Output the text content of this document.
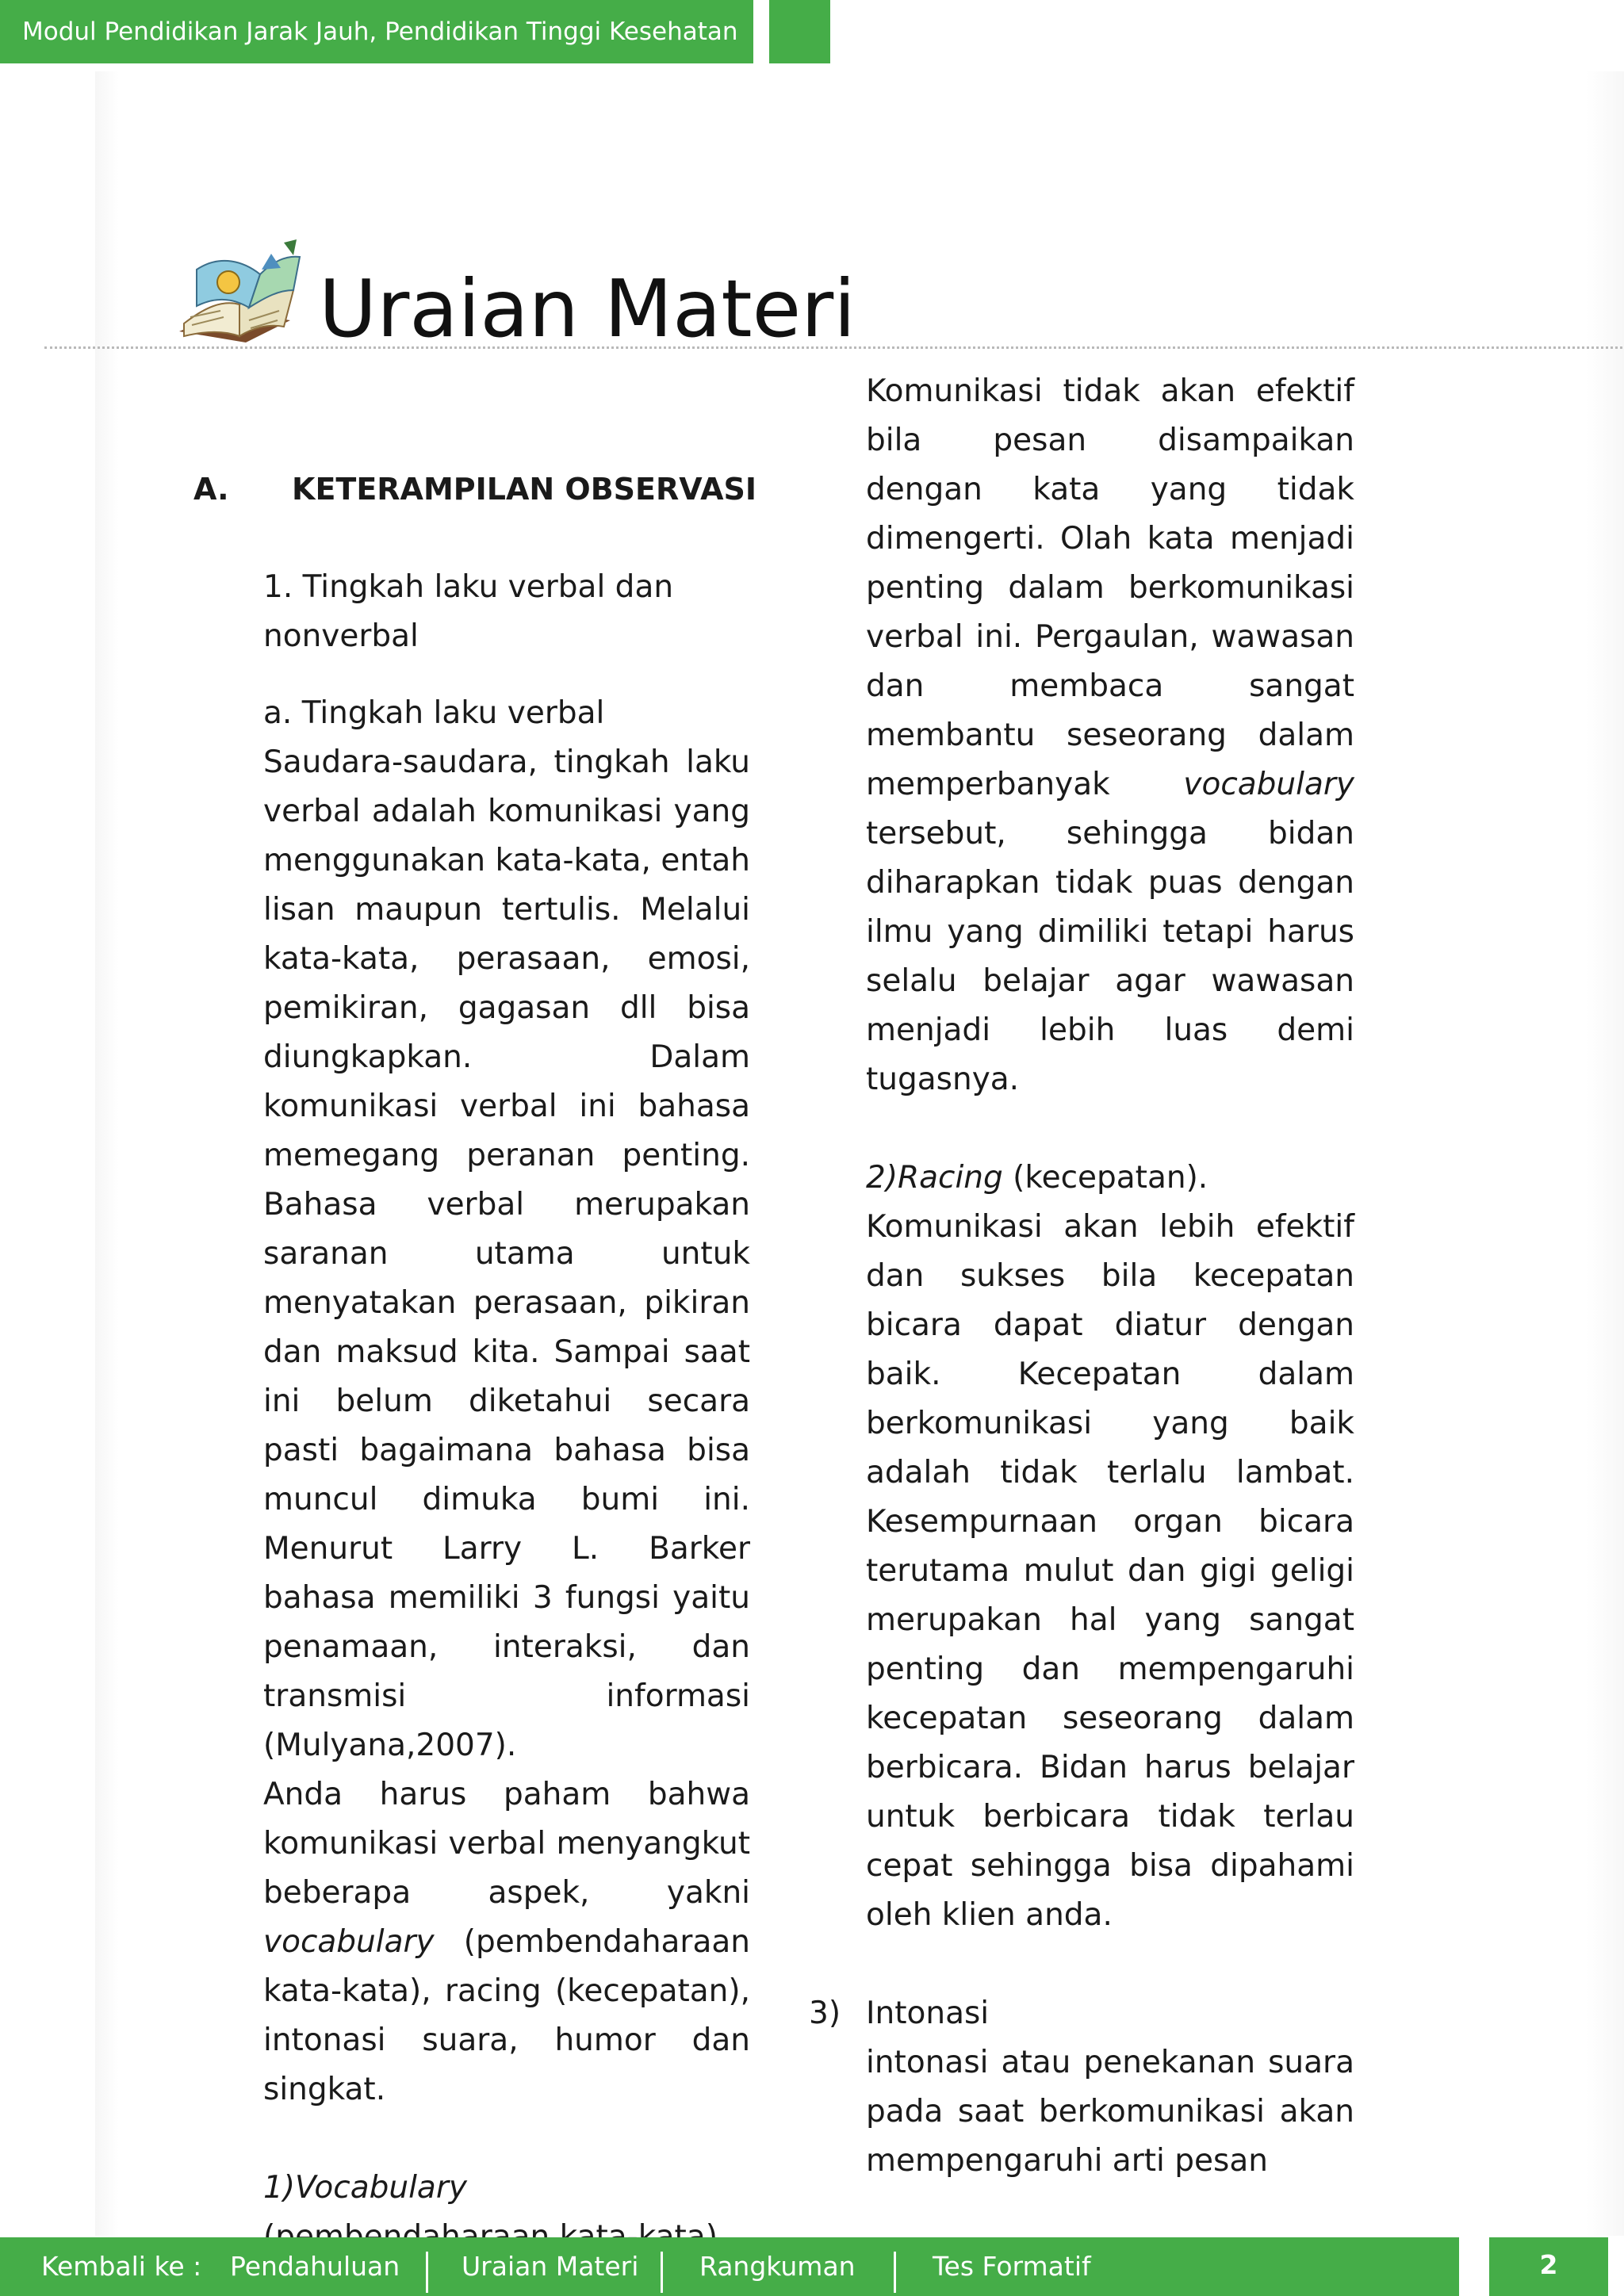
Modul Pendidikan Jarak Jauh, Pendidikan Tinggi Kesehatan
Uraian Materi
A. KETERAMPILAN OBSERVASI

1. Tingkah laku verbal dan nonverbal

a. Tingkah laku verbal

Saudara-saudara, tingkah laku verbal adalah komunikasi yang menggunakan kata-kata, entah lisan maupun tertulis. Melalui kata-kata, perasaan, emosi, pemikiran, gagasan dll bisa diungkapkan. Dalam komunikasi verbal ini bahasa memegang peranan penting. Bahasa verbal merupakan saranan utama untuk menyatakan perasaan, pikiran dan maksud kita. Sampai saat ini belum diketahui secara pasti bagaimana bahasa bisa muncul dimuka bumi ini. Menurut Larry L. Barker bahasa memiliki 3 fungsi yaitu penamaan, interaksi, dan transmisi informasi (Mulyana,2007).

Anda harus paham bahwa komunikasi verbal menyangkut beberapa aspek, yakni vocabulary (pembendaharaan kata-kata), racing (kecepatan), intonasi suara, humor dan singkat.

1)Vocabulary

Komunikasi tidak akan efektif bila pesan disampaikan dengan kata yang tidak dimengerti. Olah kata menjadi penting dalam berkomunikasi verbal ini. Pergaulan, wawasan dan membaca sangat membantu seseorang dalam memperbanyak vocabulary tersebut, sehingga bidan diharapkan tidak puas dengan ilmu yang dimiliki tetapi harus selalu belajar agar wawasan menjadi lebih luas demi tugasnya.

2)Racing (kecepatan).

Komunikasi akan lebih efektif dan sukses bila kecepatan bicara dapat diatur dengan baik. Kecepatan dalam berkomunikasi yang baik adalah tidak terlalu lambat. Kesempurnaan organ bicara terutama mulut dan gigi geligi merupakan hal yang sangat penting dan mempengaruhi kecepatan seseorang dalam berbicara. Bidan harus belajar untuk berbicara tidak terlau cepat sehingga bisa dipahami oleh klien anda.

3) Intonasi

intonasi atau penekanan suara pada saat berkomunikasi akan mempengaruhi arti pesan

Kembali ke : Pendahuluan Uraian Materi Rangkuman	Tes Formatif	2
